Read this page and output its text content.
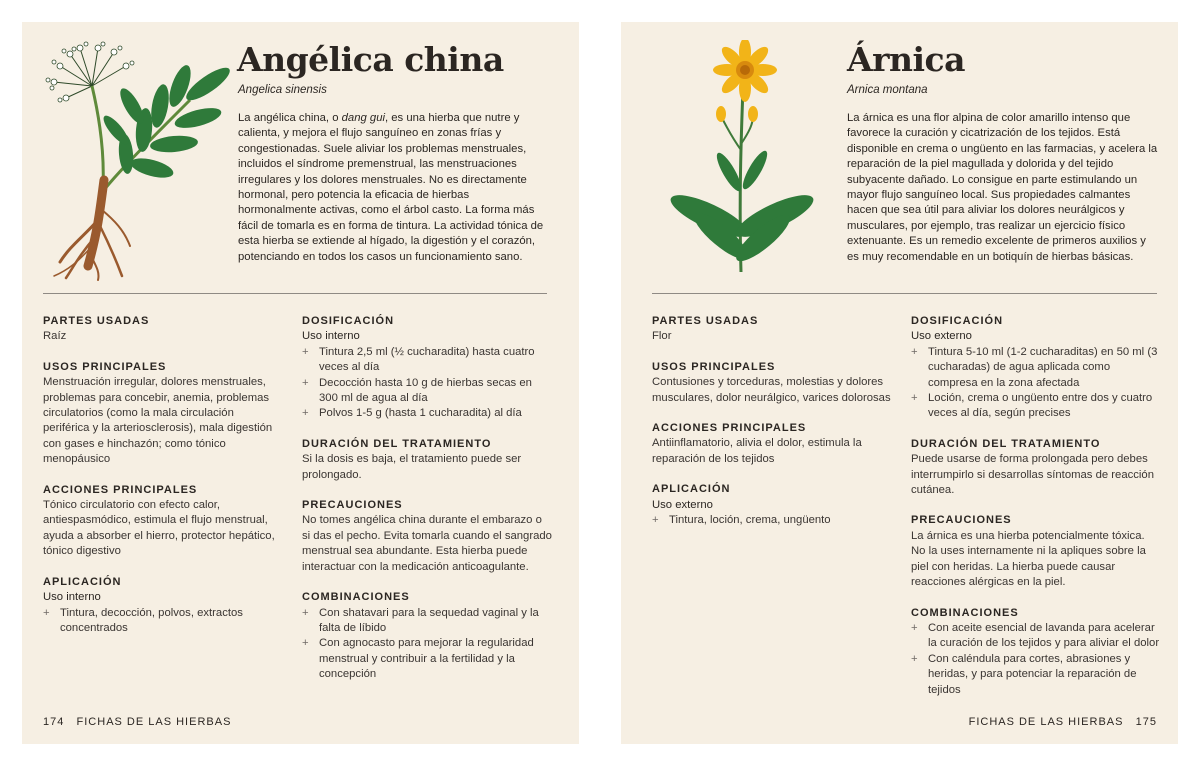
Angélica china
Angelica sinensis
La angélica china, o dang gui, es una hierba que nutre y calienta, y mejora el flujo sanguíneo en zonas frías y congestionadas. Suele aliviar los problemas menstruales, incluidos el síndrome premenstrual, las menstruaciones irregulares y los dolores menstruales. No es directamente hormonal, pero potencia la eficacia de hierbas hormonalmente activas, como el árbol casto. La forma más fácil de tomarla es en forma de tintura. La actividad tónica de esta hierba se extiende al hígado, la digestión y el corazón, potenciando en todos los casos un funcionamiento sano.
PARTES USADAS
Raíz
USOS PRINCIPALES
Menstruación irregular, dolores menstruales, problemas para concebir, anemia, problemas circulatorios (como la mala circulación periférica y la arteriosclerosis), mala digestión con gases e hinchazón; como tónico menopáusico
ACCIONES PRINCIPALES
Tónico circulatorio con efecto calor, antiespasmódico, estimula el flujo menstrual, ayuda a absorber el hierro, protector hepático, tónico digestivo
APLICACIÓN
Uso interno
+ Tintura, decocción, polvos, extractos concentrados
DOSIFICACIÓN
Uso interno
+ Tintura 2,5 ml (½ cucharadita) hasta cuatro veces al día
+ Decocción hasta 10 g de hierbas secas en 300 ml de agua al día
+ Polvos 1-5 g (hasta 1 cucharadita) al día
DURACIÓN DEL TRATAMIENTO
Si la dosis es baja, el tratamiento puede ser prolongado.
PRECAUCIONES
No tomes angélica china durante el embarazo o si das el pecho. Evita tomarla cuando el sangrado menstrual sea abundante. Esta hierba puede interactuar con la medicación anticoagulante.
COMBINACIONES
+ Con shatavari para la sequedad vaginal y la falta de líbido
+ Con agnocasto para mejorar la regularidad menstrual y contribuir a la fertilidad y la concepción
174 FICHAS DE LAS HIERBAS
Árnica
Arnica montana
La árnica es una flor alpina de color amarillo intenso que favorece la curación y cicatrización de los tejidos. Está disponible en crema o ungüento en las farmacias, y acelera la reparación de la piel magullada y dolorida y del tejido subyacente dañado. Lo consigue en parte estimulando un mayor flujo sanguíneo local. Sus propiedades calmantes hacen que sea útil para aliviar los dolores neurálgicos y musculares, por ejemplo, tras realizar un ejercicio físico extenuante. Es un remedio excelente de primeros auxilios y es muy recomendable en un botiquín de hierbas básicas.
PARTES USADAS
Flor
USOS PRINCIPALES
Contusiones y torceduras, molestias y dolores musculares, dolor neurálgico, varices dolorosas
ACCIONES PRINCIPALES
Antiinflamatorio, alivia el dolor, estimula la reparación de los tejidos
APLICACIÓN
Uso externo
+ Tintura, loción, crema, ungüento
DOSIFICACIÓN
Uso externo
+ Tintura 5-10 ml (1-2 cucharaditas) en 50 ml (3 cucharadas) de agua aplicada como compresa en la zona afectada
+ Loción, crema o ungüento entre dos y cuatro veces al día, según precises
DURACIÓN DEL TRATAMIENTO
Puede usarse de forma prolongada pero debes interrumpirlo si desarrollas síntomas de reacción cutánea.
PRECAUCIONES
La árnica es una hierba potencialmente tóxica. No la uses internamente ni la apliques sobre la piel con heridas. La hierba puede causar reacciones alérgicas en la piel.
COMBINACIONES
+ Con aceite esencial de lavanda para acelerar la curación de los tejidos y para aliviar el dolor
+ Con caléndula para cortes, abrasiones y heridas, y para potenciar la reparación de tejidos
FICHAS DE LAS HIERBAS 175
